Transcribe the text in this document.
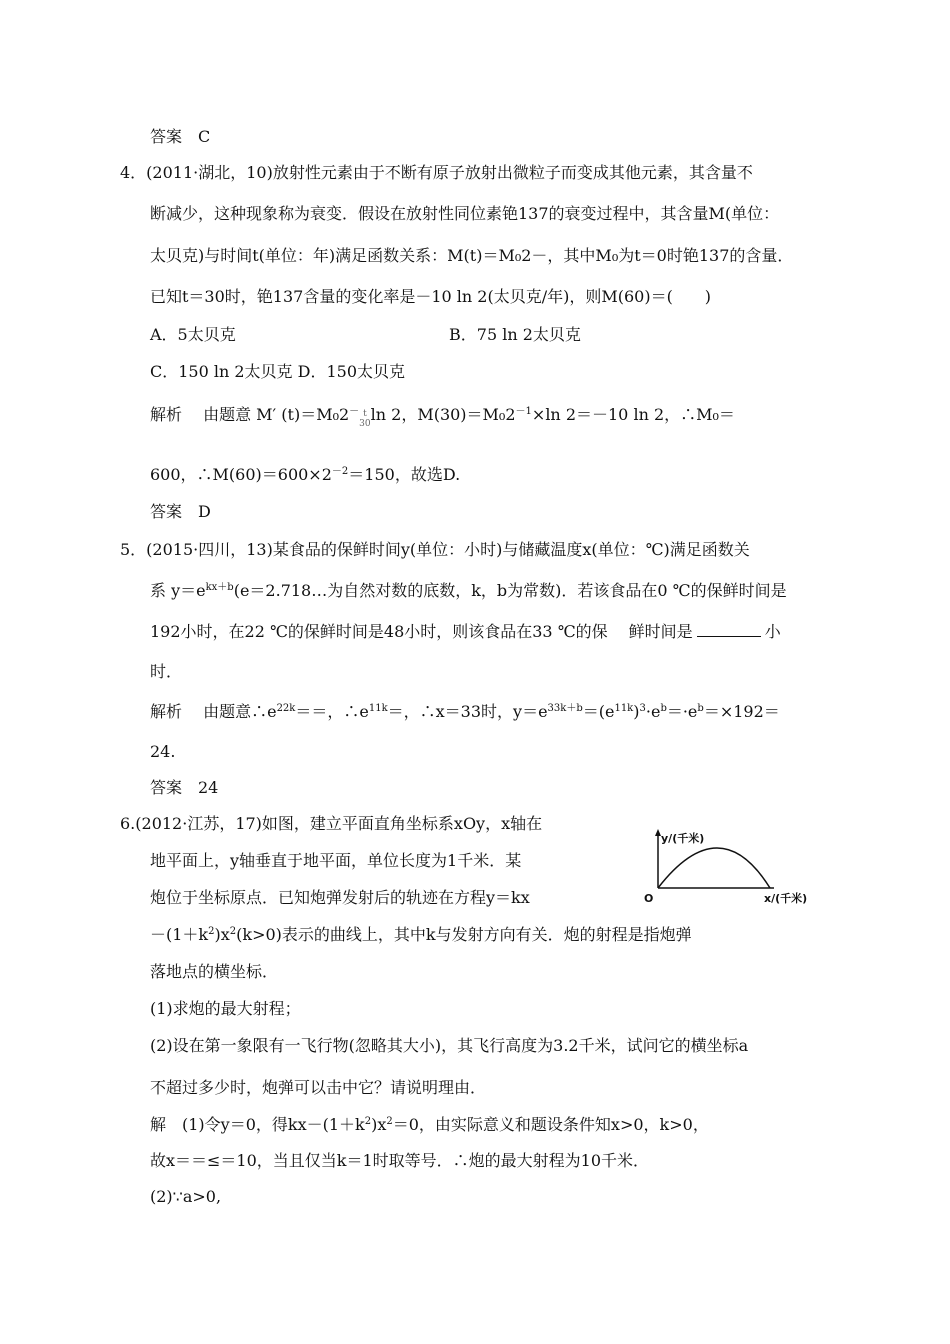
答案　C
4．(2011·湖北，10)放射性元素由于不断有原子放射出微粒子而变成其他元素，其含量不
断减少，这种现象称为衰变．假设在放射性同位素铯137的衰变过程中，其含量M(单位：
太贝克)与时间t(单位：年)满足函数关系：M(t)＝M₀2－，其中M₀为t＝0时铯137的含量．
已知t＝30时，铯137含量的变化率是－10 ln 2(太贝克/年)，则M(60)＝(　　)
A．5太贝克	B．75 ln 2太贝克
C．150 ln 2太贝克 D．150太贝克
解析　 由题意 M′ (t)＝M₀2－ t
30ln 2，$M(30)=M_02^{-1}\times\ln$ 2＝－10 ln 2，∴M₀＝
600，$\therefore M(60)=600\times 2^{-2}=150$，故选D.
答案　D
5．(2015·四川，13)某食品的保鲜时间y(单位：小时)与储藏温度x(单位：℃)满足函数关
系 $y=e^{kx+b}(e=2.718\dots$为自然对数的底数，k，b为常数)．若该食品在0 ℃的保鲜时间是
192小时，在22 ℃的保鲜时间是48小时，则该食品在33 ℃的保　 鲜时间是	小
时．
解析　 由题意$\therefore e^{22k}==$，$\therefore e^{11k}=$，∴x＝33时，$y=e^{33k+b}=(e^{11k})^3\cdot e^b=\cdot e^b=\times 192=$
24.
答案　24
6.(2012·江苏，17)如图，建立平面直角坐标系xOy，x轴在
地平面上，y轴垂直于地平面，单位长度为1千米．某
炮位于坐标原点．已知炮弹发射后的轨迹在方程y＝kx
$-(1+k^2)x^2(k>0)$表示的曲线上，其中k与发射方向有关．炮的射程是指炮弹
落地点的横坐标．
(1)求炮的最大射程；
(2)设在第一象限有一飞行物(忽略其大小)，其飞行高度为3.2千米，试问它的横坐标a
不超过多少时，炮弹可以击中它？请说明理由．
解　(1)令y＝0，得$kx-(1+k^2)x^2=0$，由实际意义和题设条件知x>0，k>0，
故x＝＝≤＝10，当且仅当k＝1时取等号．∴炮的最大射程为10千米．
(2)∵a>0,
y/(千米)
x/(千米)
O
